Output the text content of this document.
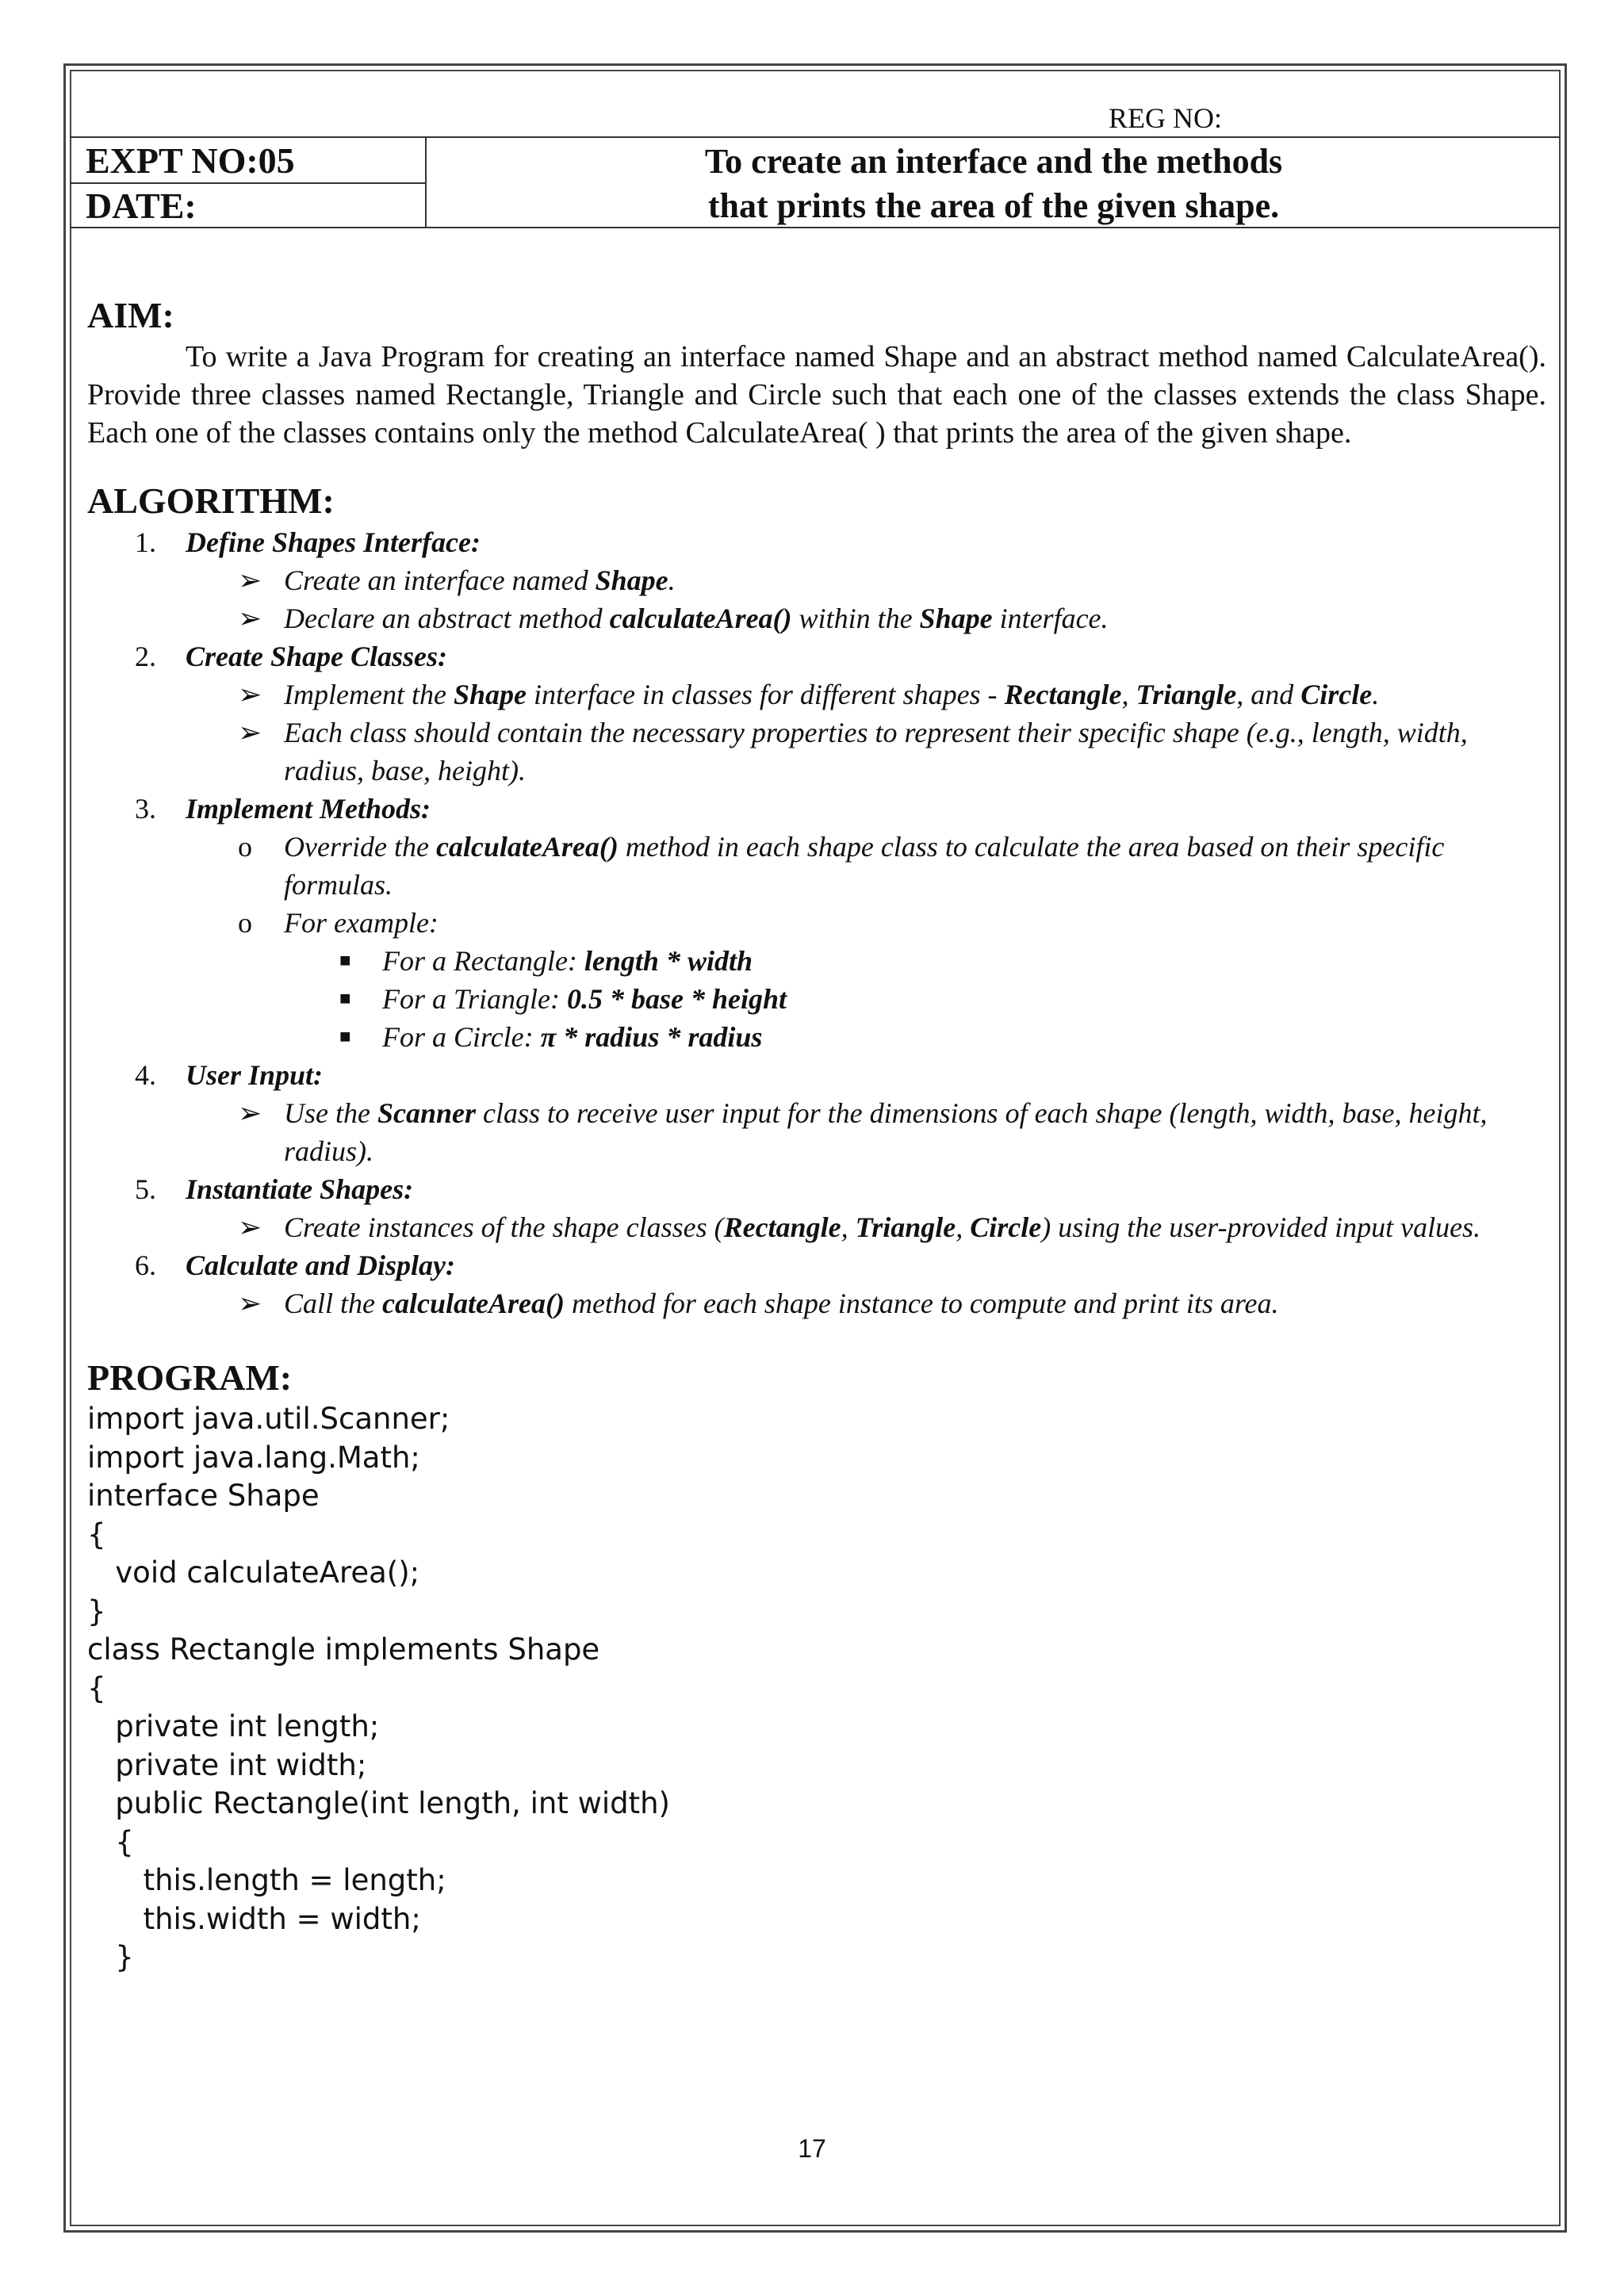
REG NO:
EXPT NO:05
DATE:
To create an interface and the methods
that prints the area of the given shape.
AIM:

To write a Java Program for creating an interface named Shape and an abstract method named CalculateArea(). Provide three classes named Rectangle, Triangle and Circle such that each one of the classes extends the class Shape. Each one of the classes contains only the method CalculateArea( ) that prints the area of the given shape.

ALGORITHM:
1. Define Shapes Interface:
➢ Create an interface named Shape.
➢ Declare an abstract method calculateArea() within the Shape interface.
2. Create Shape Classes:
➢ Implement the Shape interface in classes for different shapes - Rectangle, Triangle, and Circle.
➢ Each class should contain the necessary properties to represent their specific shape (e.g., length, width, radius, base, height).
3. Implement Methods:
o Override the calculateArea() method in each shape class to calculate the area based on their specific formulas.
o For example:
■ For a Rectangle: length * width
■ For a Triangle: 0.5 * base * height
■ For a Circle: π * radius * radius
4. User Input:
➢ Use the Scanner class to receive user input for the dimensions of each shape (length, width, base, height, radius).
5. Instantiate Shapes:
➢ Create instances of the shape classes (Rectangle, Triangle, Circle) using the user-provided input values.
6. Calculate and Display:
➢ Call the calculateArea() method for each shape instance to compute and print its area.
PROGRAM:
import java.util.Scanner;
import java.lang.Math;
interface Shape
{
void calculateArea();
}
class Rectangle implements Shape
{
private int length;
private int width;
public Rectangle(int length, int width)
{
this.length = length;
this.width = width;
}
17
